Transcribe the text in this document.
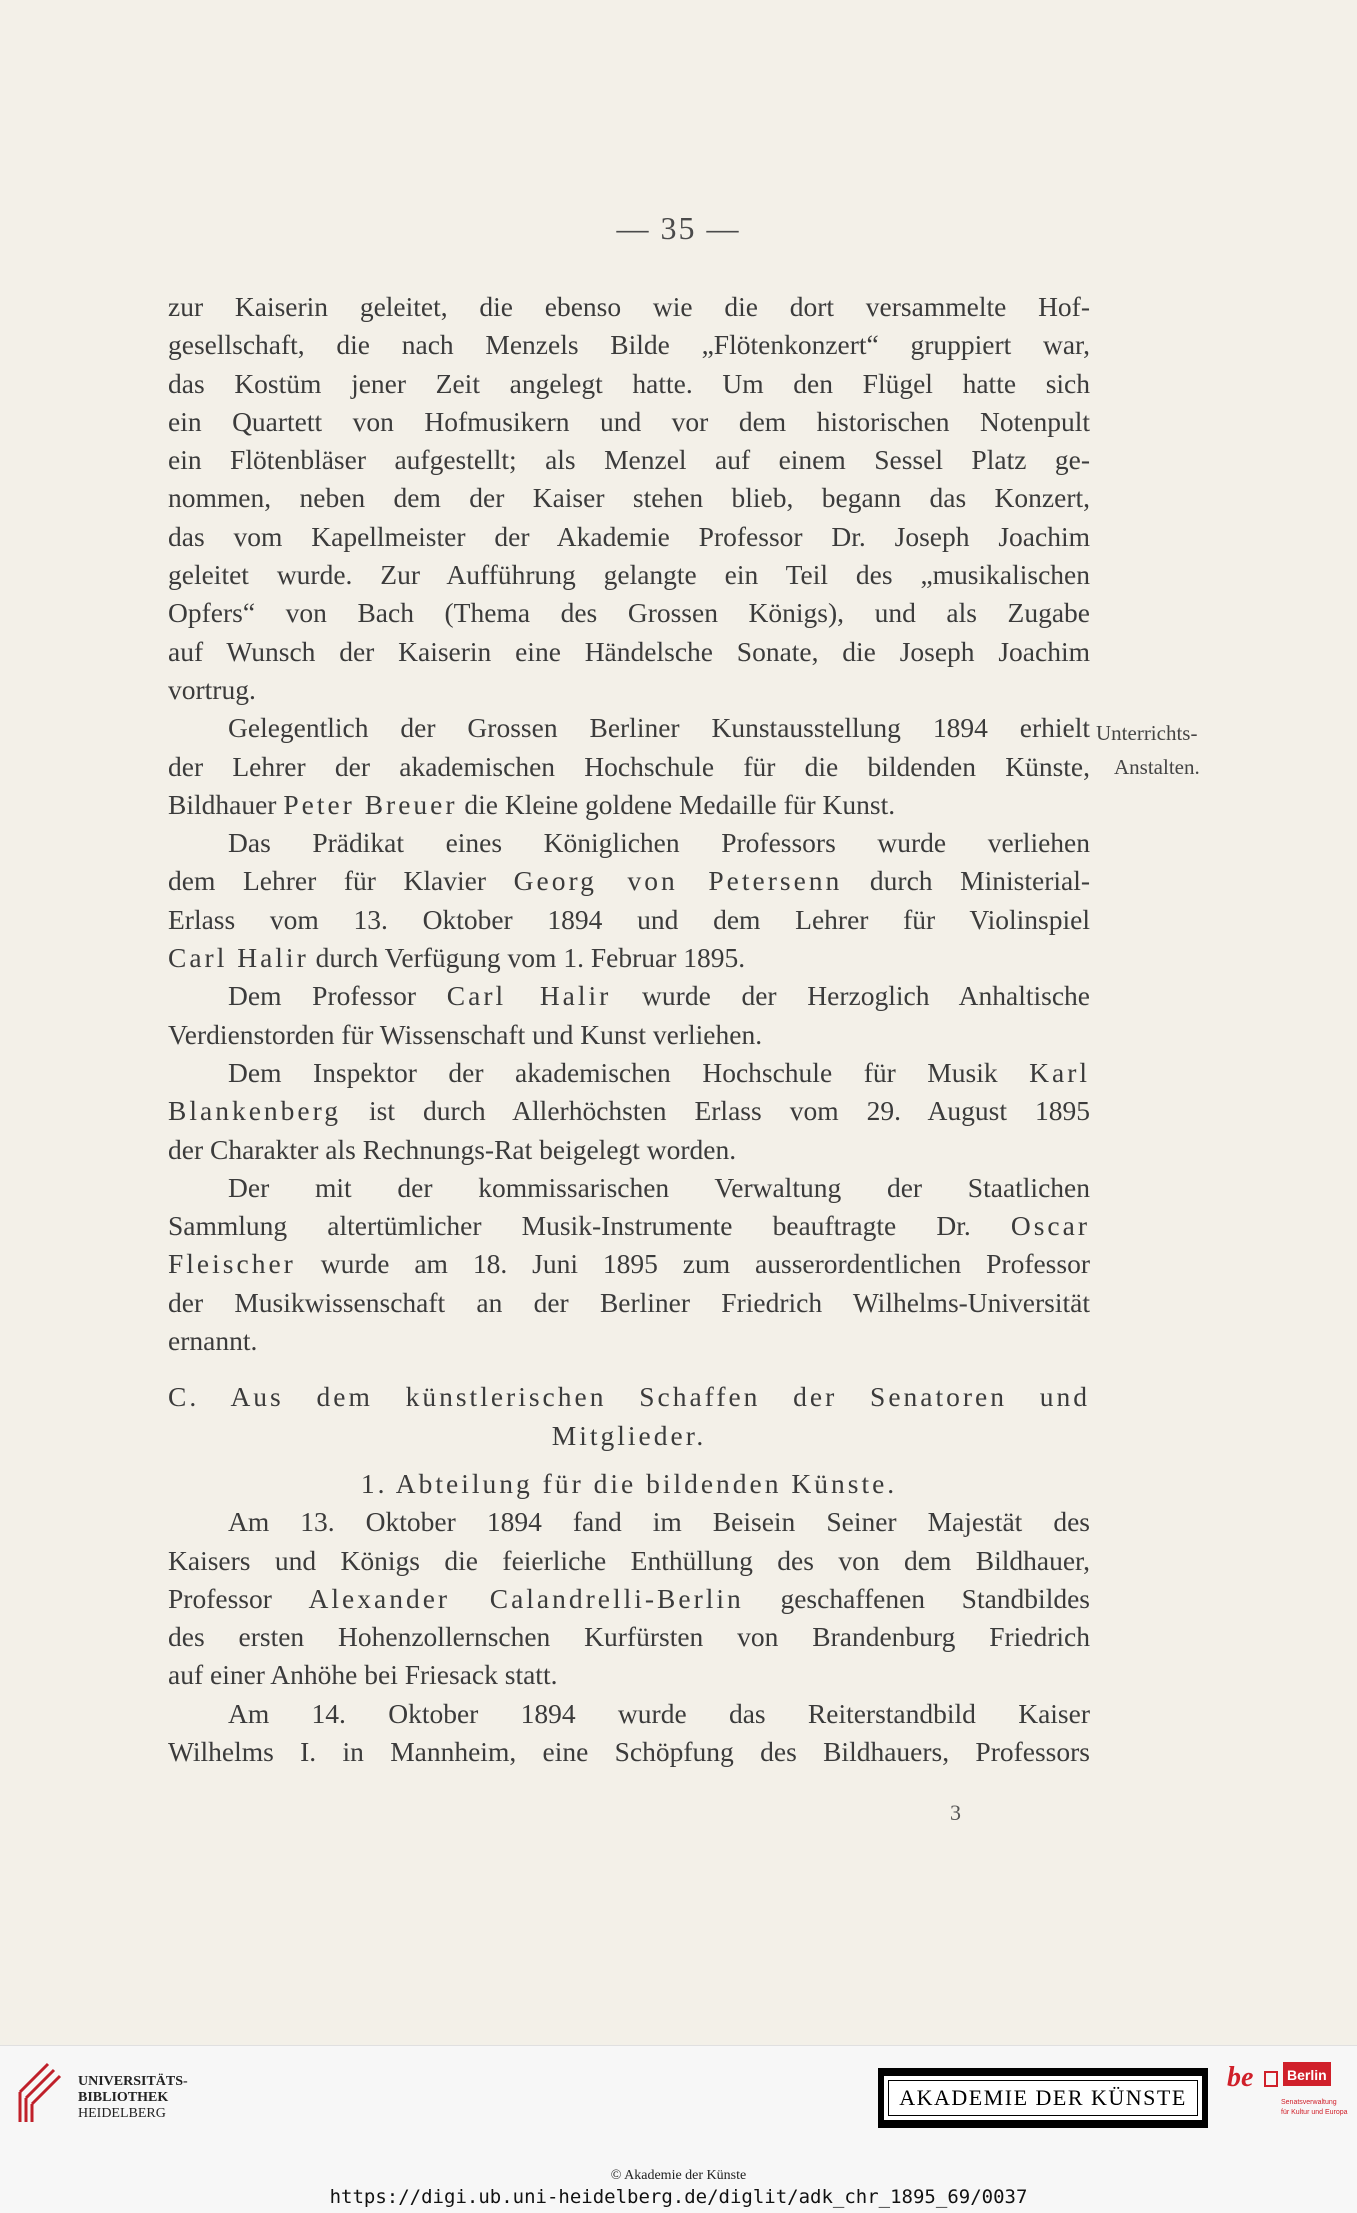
— 35 —

zur Kaiserin geleitet, die ebenso wie die dort versammelte Hof-

gesellschaft, die nach Menzels Bilde „Flötenkonzert“ gruppiert war,

das Kostüm jener Zeit angelegt hatte. Um den Flügel hatte sich

ein Quartett von Hofmusikern und vor dem historischen Notenpult

ein Flötenbläser aufgestellt; als Menzel auf einem Sessel Platz ge-

nommen, neben dem der Kaiser stehen blieb, begann das Konzert,

das vom Kapellmeister der Akademie Professor Dr. Joseph Joachim

geleitet wurde. Zur Aufführung gelangte ein Teil des „musikalischen

Opfers“ von Bach (Thema des Grossen Königs), und als Zugabe

auf Wunsch der Kaiserin eine Händelsche Sonate, die Joseph Joachim

vortrug.

Gelegentlich der Grossen Berliner Kunstausstellung 1894 erhielt

der Lehrer der akademischen Hochschule für die bildenden Künste,

Bildhauer Peter Breuer die Kleine goldene Medaille für Kunst.

Das Prädikat eines Königlichen Professors wurde verliehen

dem Lehrer für Klavier Georg von Petersenn durch Ministerial-

Erlass vom 13. Oktober 1894 und dem Lehrer für Violinspiel

Carl Halir durch Verfügung vom 1. Februar 1895.

Dem Professor Carl Halir wurde der Herzoglich Anhaltische

Verdienstorden für Wissenschaft und Kunst verliehen.

Dem Inspektor der akademischen Hochschule für Musik Karl

Blankenberg ist durch Allerhöchsten Erlass vom 29. August 1895

der Charakter als Rechnungs-Rat beigelegt worden.

Der mit der kommissarischen Verwaltung der Staatlichen

Sammlung altertümlicher Musik-Instrumente beauftragte Dr. Oscar

Fleischer wurde am 18. Juni 1895 zum ausserordentlichen Professor

der Musikwissenschaft an der Berliner Friedrich Wilhelms-Universität

ernannt.

C. Aus dem künstlerischen Schaffen der Senatoren und

Mitglieder.

1. Abteilung für die bildenden Künste.

Am 13. Oktober 1894 fand im Beisein Seiner Majestät des

Kaisers und Königs die feierliche Enthüllung des von dem Bildhauer,

Professor Alexander Calandrelli-Berlin geschaffenen Standbildes

des ersten Hohenzollernschen Kurfürsten von Brandenburg Friedrich

auf einer Anhöhe bei Friesack statt.

Am 14. Oktober 1894 wurde das Reiterstandbild Kaiser

Wilhelms I. in Mannheim, eine Schöpfung des Bildhauers, Professors

Unterrichts-
Anstalten.
3
UNIVERSITÄTS-
BIBLIOTHEK
HEIDELBERG
AKADEMIE DER KÜNSTE
be Berlin
Senatsverwaltung
für Kultur und Europa
© Akademie der Künste
https://digi.ub.uni-heidelberg.de/diglit/adk_chr_1895_69/0037
